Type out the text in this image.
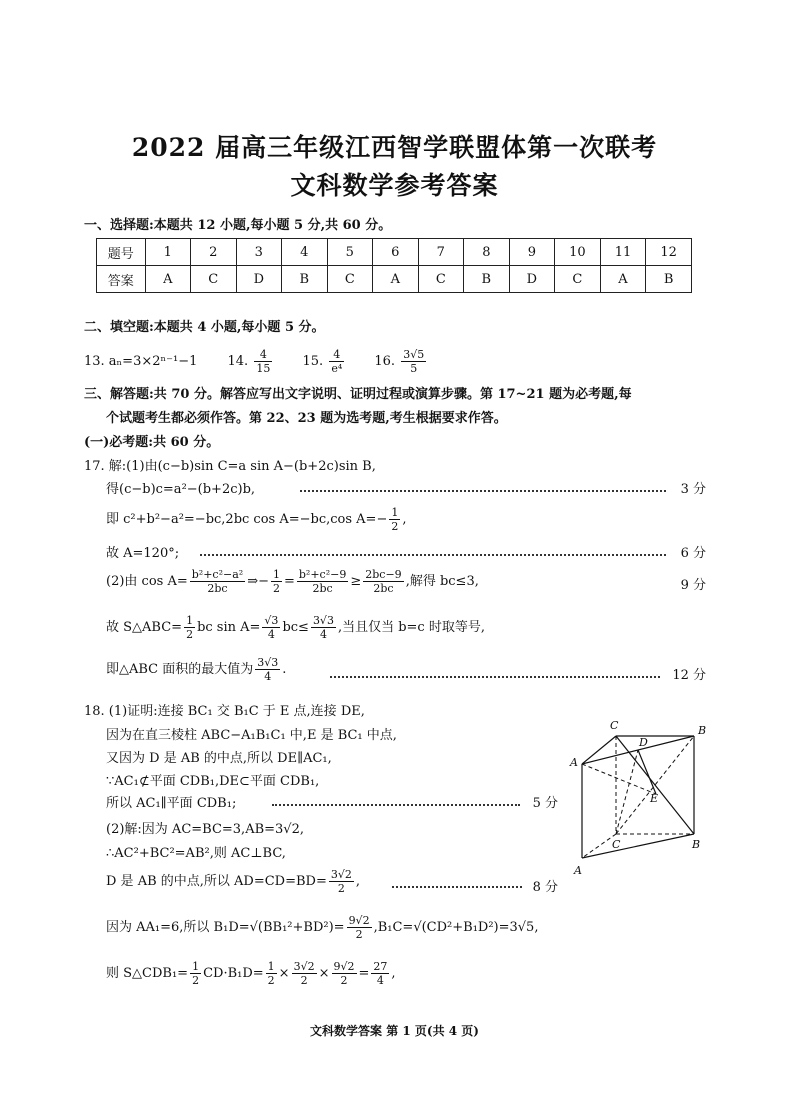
2022 届高三年级江西智学联盟体第一次联考
文科数学参考答案
一、选择题:本题共 12 小题,每小题 5 分,共 60 分。
题号	1	2	3	4	5	6	7	8	9	10	11	12
答案	A	C	D	B	C	A	C	B	D	C	A	B
二、填空题:本题共 4 小题,每小题 5 分。
13. aₙ=3×2ⁿ⁻¹−1 14. $\frac{4}{15} 15$. $\frac{4}{\text{e⁴}} 16$. $\frac{3√5}{5}$
三、解答题:共 70 分。解答应写出文字说明、证明过程或演算步骤。第 17~21 题为必考题,每
个试题考生都必须作答。第 22、23 题为选考题,考生根据要求作答。
(一)必考题:共 60 分。
17. 解:(1)由(c−b)sin C=a sin A−(b+2c)sin B,
得(c−b)c=a²−(b+2c)b,	3 分
即 c²+b²−a²=−bc,2bc cos A=−bc,cos $A=- \frac{1}{2}$ ,
故 A=120°;	6 分
(2)由 $\cos A= \frac{\text{b²+c²−a²}}{2bc}$ ⇒− $\frac{1}{2} = \frac{\text{b²+c²−9}}{2bc} \ge \frac{2bc-9}{2bc}$ ,解得 bc≤3,	9 分
故 S△ABC= $\frac{1}{2}$ bc $\sin A= \frac{√3}{4} bc\le \frac{3√3}{4}$ ,当且仅当 b=c 时取等号,
即△ABC 面积的最大值为 $\frac{3√3}{4}$ .	12 分
18. (1)证明:连接 BC₁ 交 B₁C 于 E 点,连接 DE,
因为在直三棱柱 ABC−A₁B₁C₁ 中,E 是 BC₁ 中点,
又因为 D 是 AB 的中点,所以 DE∥AC₁,
∵AC₁⊄平面 CDB₁,DE⊂平面 CDB₁,
所以 AC₁∥平面 CDB₁;	5 分
(2)解:因为 AC=BC=3,AB=3√2,
∴AC²+BC²=AB²,则 AC⊥BC,
D 是 AB 的中点,所以 $AD=CD=BD= \frac{3√2}{2}$ ,	8 分
因为 AA₁=6,所以 $B_1D=√(BB_1^2+BD^2)= \frac{9√2}{2} ,B_1C=√(CD^2+B_1D^2)=3√5$,
则 S△CDB₁= $\frac{1}{2} CD\cdot B_1D= \frac{1}{2} \times \frac{3√2}{2} \times \frac{9√2}{2} = \frac{27}{4}$ ,
C
D
B
A
E
C	B
A
文科数学答案 第 1 页(共 4 页)
